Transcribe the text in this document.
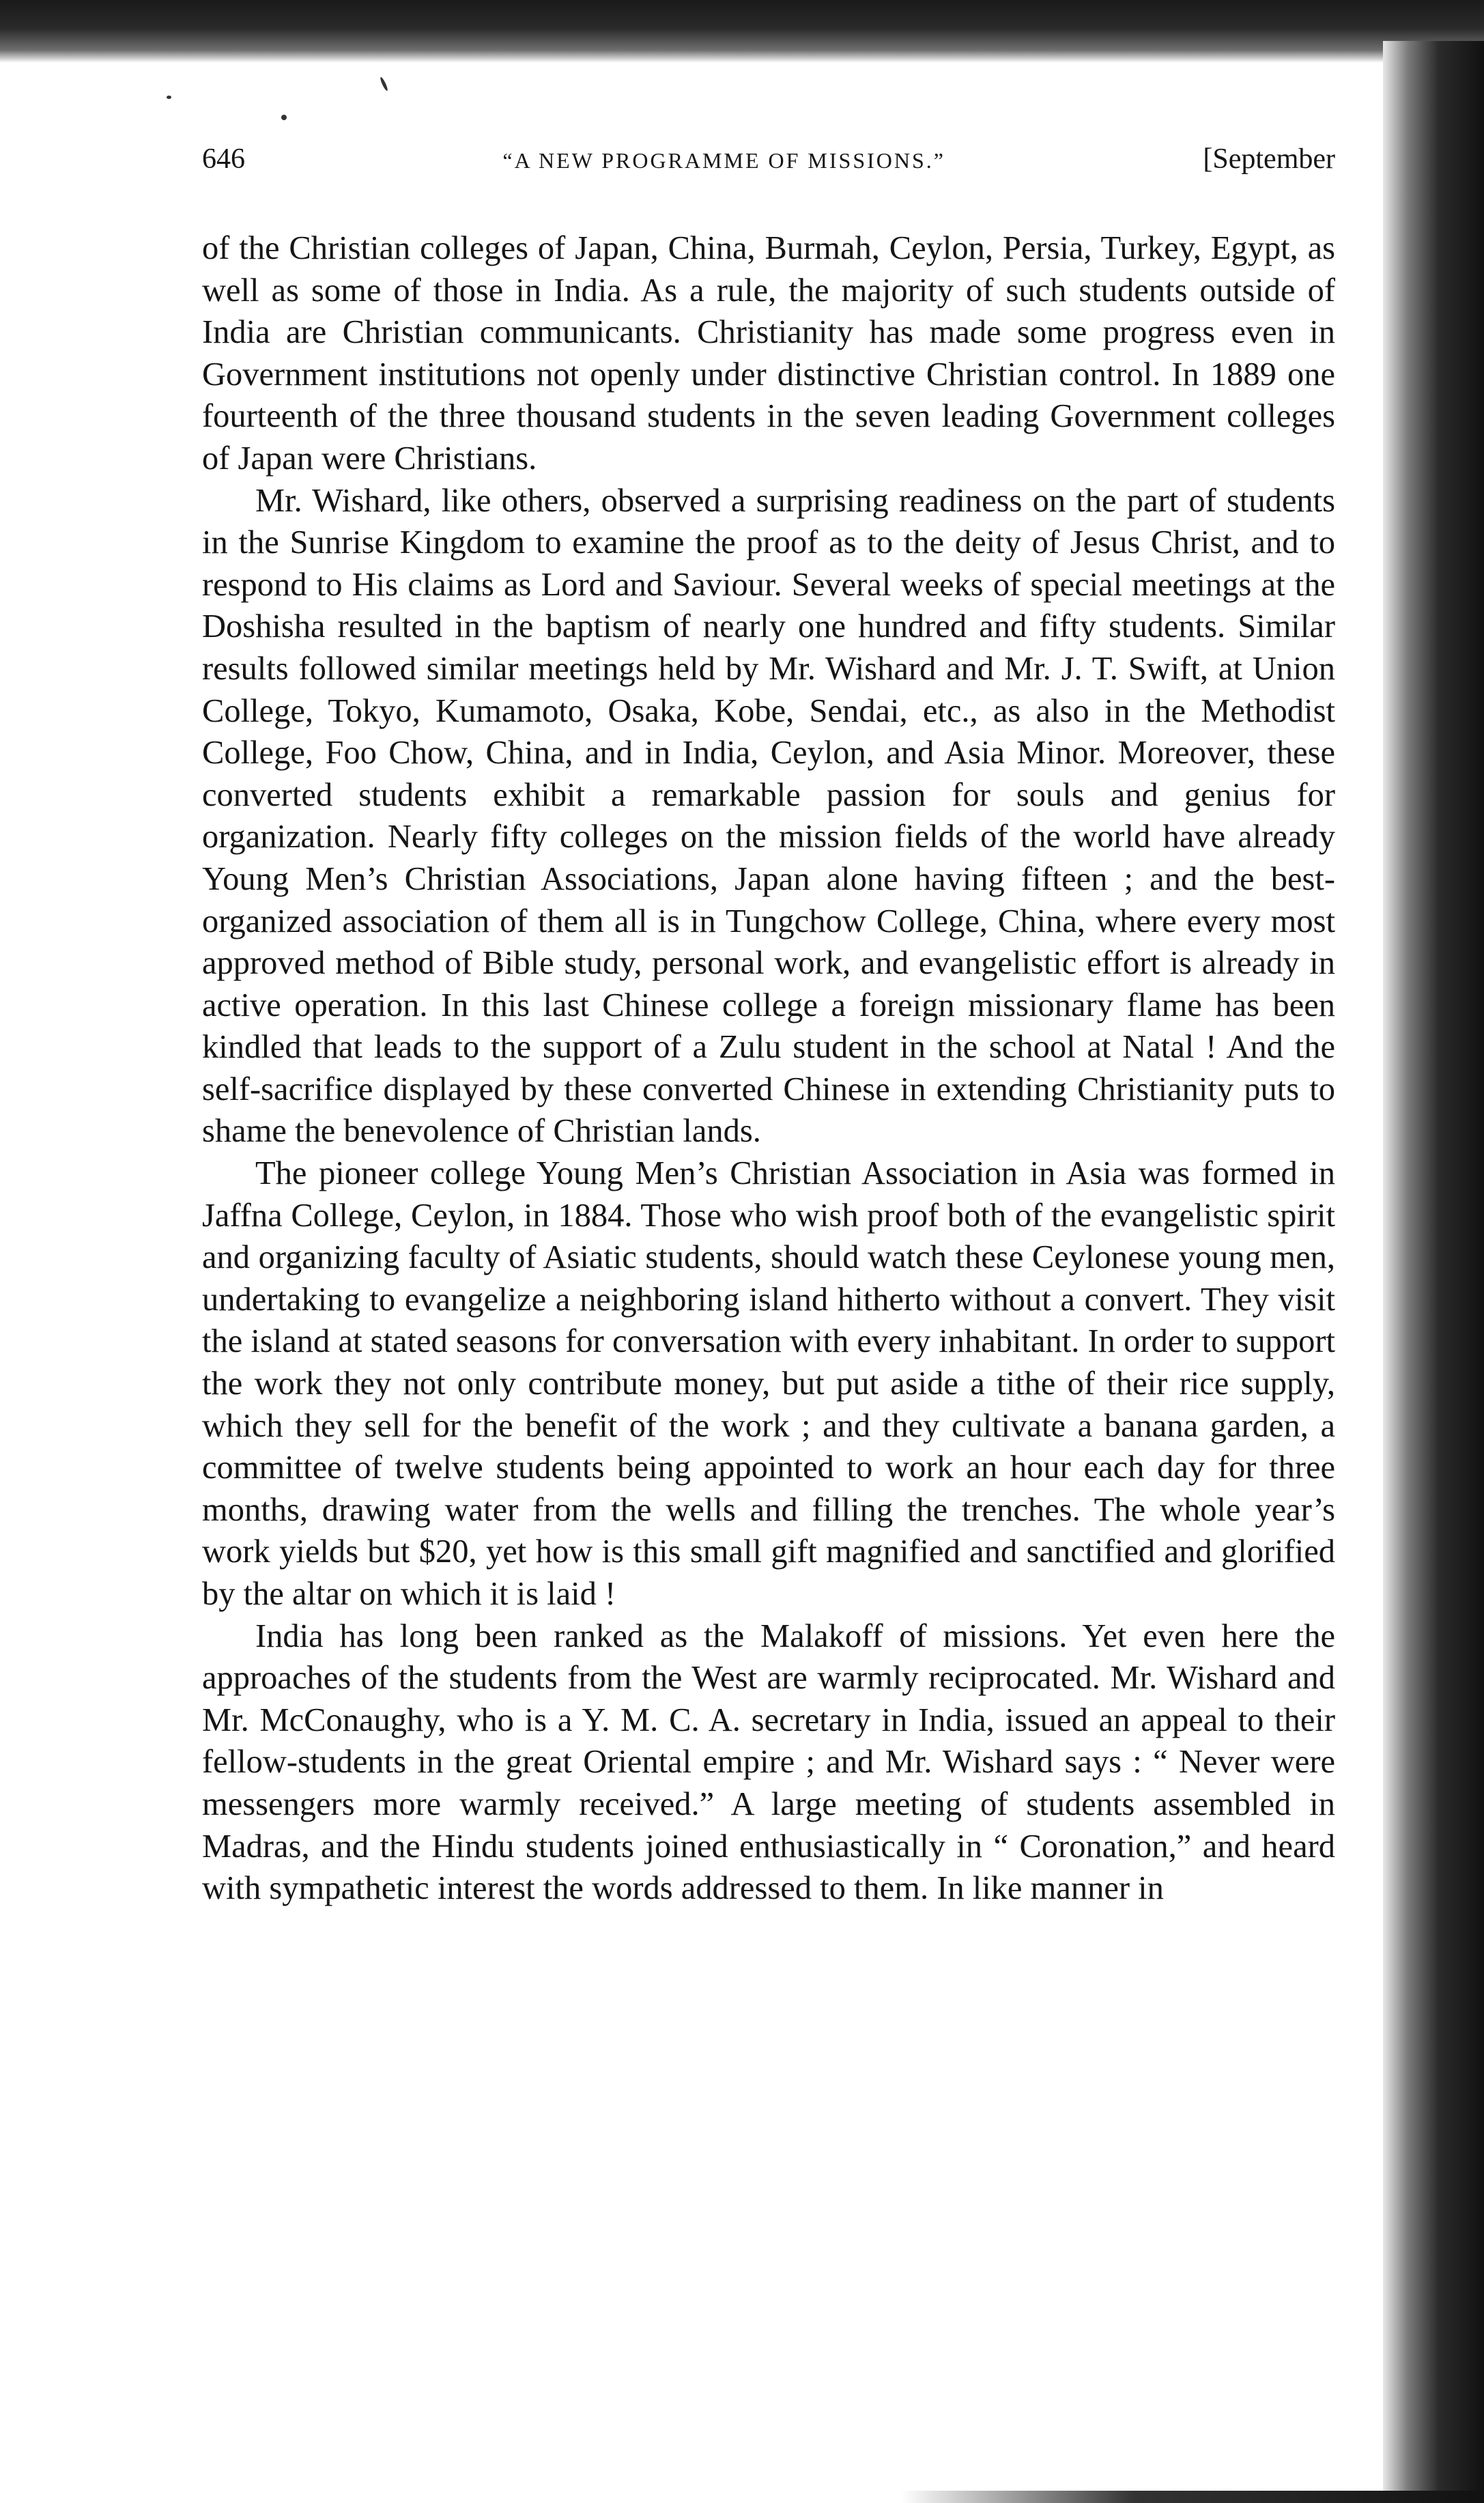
646	“A NEW PROGRAMME OF MISSIONS.”	[September

of the Christian colleges of Japan, China, Burmah, Ceylon, Persia, Turkey, Egypt, as well as some of those in India. As a rule, the majority of such students outside of India are Christian communicants. Christianity has made some progress even in Government institutions not openly under distinctive Christian control. In 1889 one fourteenth of the three thousand students in the seven leading Government colleges of Japan were Christians.

Mr. Wishard, like others, observed a surprising readiness on the part of students in the Sunrise Kingdom to examine the proof as to the deity of Jesus Christ, and to respond to His claims as Lord and Saviour. Several weeks of special meetings at the Doshisha resulted in the baptism of nearly one hundred and fifty students. Similar results followed similar meetings held by Mr. Wishard and Mr. J. T. Swift, at Union College, Tokyo, Kumamoto, Osaka, Kobe, Sendai, etc., as also in the Methodist College, Foo Chow, China, and in India, Ceylon, and Asia Minor. Moreover, these converted students exhibit a remarkable passion for souls and genius for organization. Nearly fifty colleges on the mission fields of the world have already Young Men’s Christian Associations, Japan alone having fifteen ; and the best-organized association of them all is in Tungchow College, China, where every most approved method of Bible study, personal work, and evangelistic effort is already in active operation. In this last Chinese college a foreign missionary flame has been kindled that leads to the support of a Zulu student in the school at Natal ! And the self-sacrifice displayed by these converted Chinese in extending Christianity puts to shame the benevolence of Christian lands.

The pioneer college Young Men’s Christian Association in Asia was formed in Jaffna College, Ceylon, in 1884. Those who wish proof both of the evangelistic spirit and organizing faculty of Asiatic students, should watch these Ceylonese young men, undertaking to evangelize a neighboring island hitherto without a convert. They visit the island at stated seasons for conversation with every inhabitant. In order to support the work they not only contribute money, but put aside a tithe of their rice supply, which they sell for the benefit of the work ; and they cultivate a banana garden, a committee of twelve students being appointed to work an hour each day for three months, drawing water from the wells and filling the trenches. The whole year’s work yields but $20, yet how is this small gift magnified and sanctified and glorified by the altar on which it is laid !

India has long been ranked as the Malakoff of missions. Yet even here the approaches of the students from the West are warmly reciprocated. Mr. Wishard and Mr. McConaughy, who is a Y. M. C. A. secretary in India, issued an appeal to their fellow-students in the great Oriental empire ; and Mr. Wishard says : “ Never were messengers more warmly received.” A large meeting of students assembled in Madras, and the Hindu students joined enthusiastically in “ Coronation,” and heard with sympathetic interest the words addressed to them. In like manner in
